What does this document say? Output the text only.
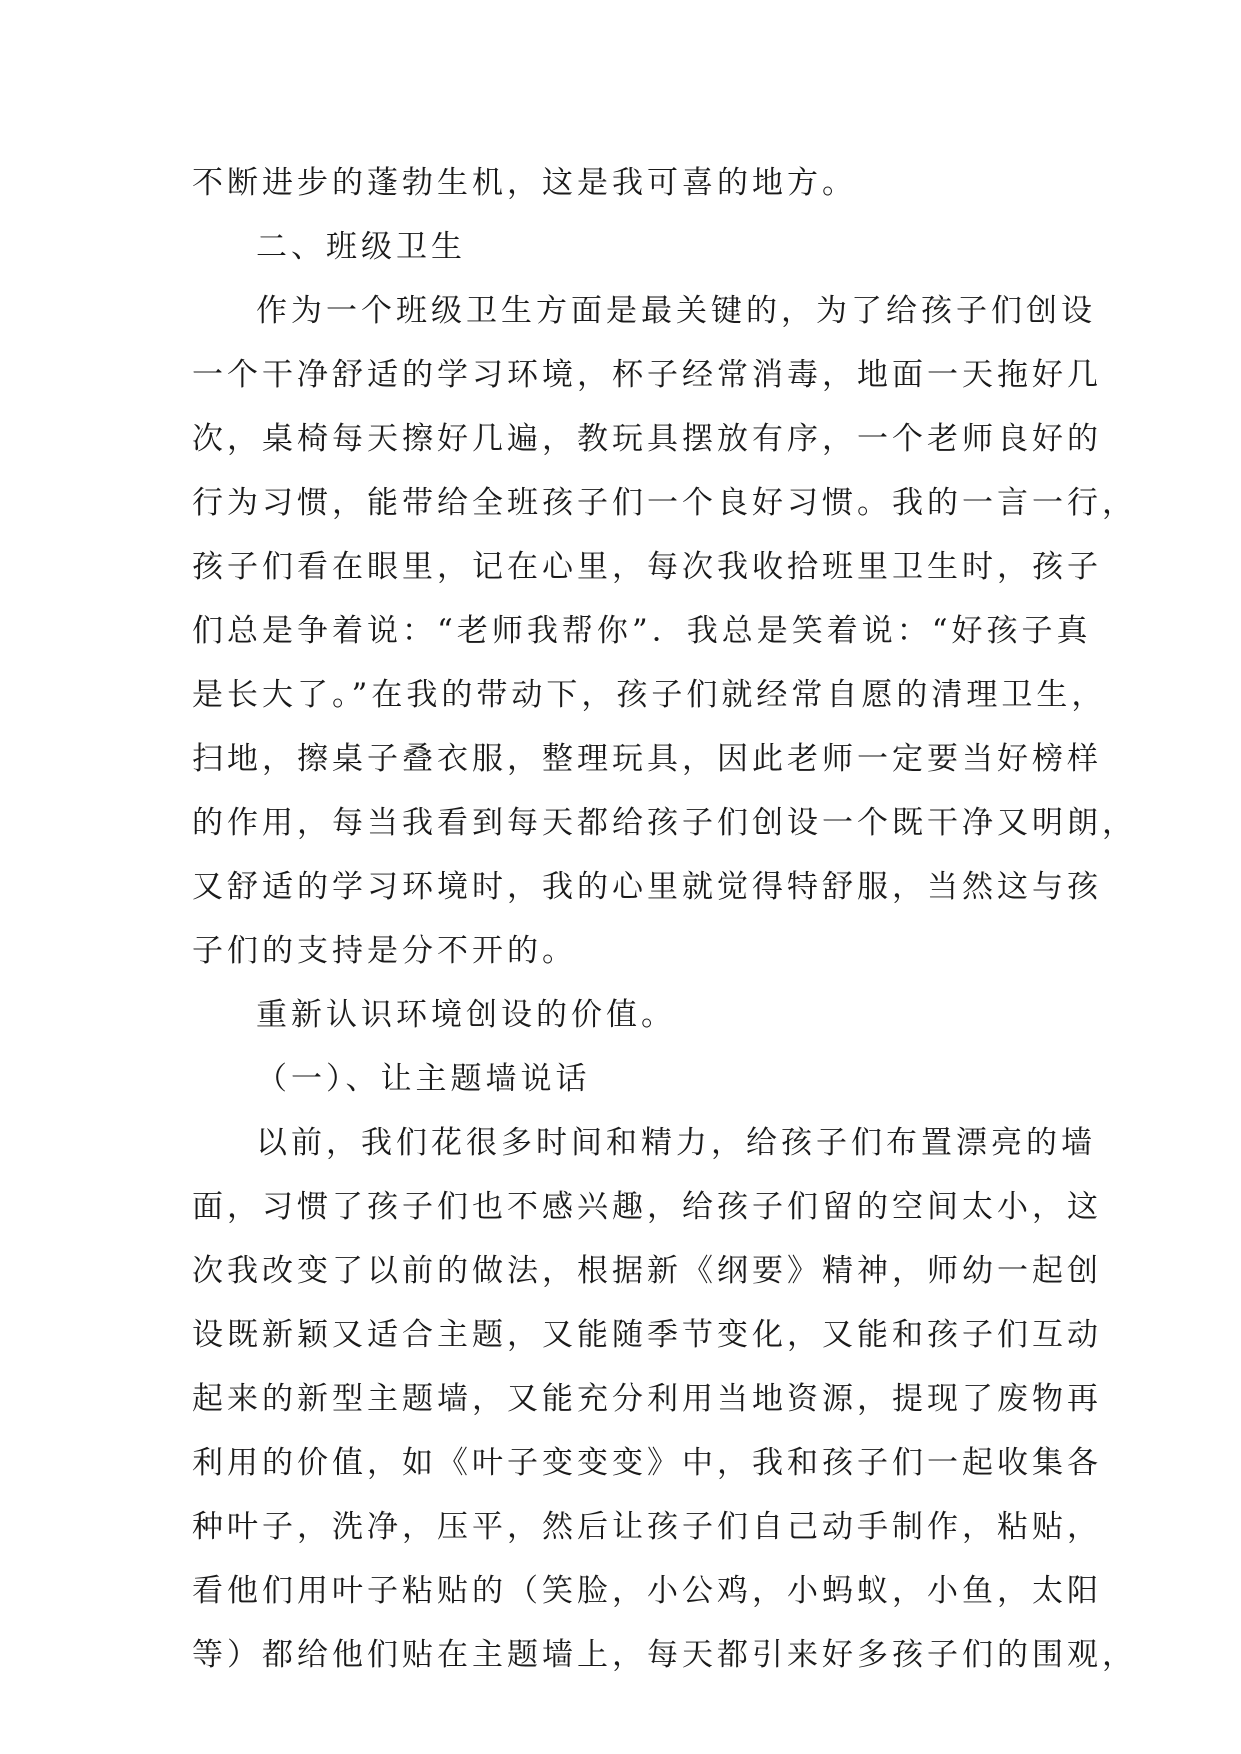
不断进步的蓬勃生机，这是我可喜的地方。
二、班级卫生
作为一个班级卫生方面是最关键的，为了给孩子们创设
一个干净舒适的学习环境，杯子经常消毒，地面一天拖好几
次，桌椅每天擦好几遍，教玩具摆放有序，一个老师良好的
行为习惯，能带给全班孩子们一个良好习惯。我的一言一行，
孩子们看在眼里，记在心里，每次我收拾班里卫生时，孩子
们总是争着说：“老师我帮你”．我总是笑着说：“好孩子真
是长大了。”在我的带动下，孩子们就经常自愿的清理卫生，
扫地，擦桌子叠衣服，整理玩具，因此老师一定要当好榜样
的作用，每当我看到每天都给孩子们创设一个既干净又明朗，
又舒适的学习环境时，我的心里就觉得特舒服，当然这与孩
子们的支持是分不开的。
重新认识环境创设的价值。
（一）、让主题墙说话
以前，我们花很多时间和精力，给孩子们布置漂亮的墙
面，习惯了孩子们也不感兴趣，给孩子们留的空间太小，这
次我改变了以前的做法，根据新《纲要》精神，师幼一起创
设既新颖又适合主题，又能随季节变化，又能和孩子们互动
起来的新型主题墙，又能充分利用当地资源，提现了废物再
利用的价值，如《叶子变变变》中，我和孩子们一起收集各
种叶子，洗净，压平，然后让孩子们自己动手制作，粘贴，
看他们用叶子粘贴的（笑脸，小公鸡，小蚂蚁，小鱼，太阳
等）都给他们贴在主题墙上，每天都引来好多孩子们的围观，
